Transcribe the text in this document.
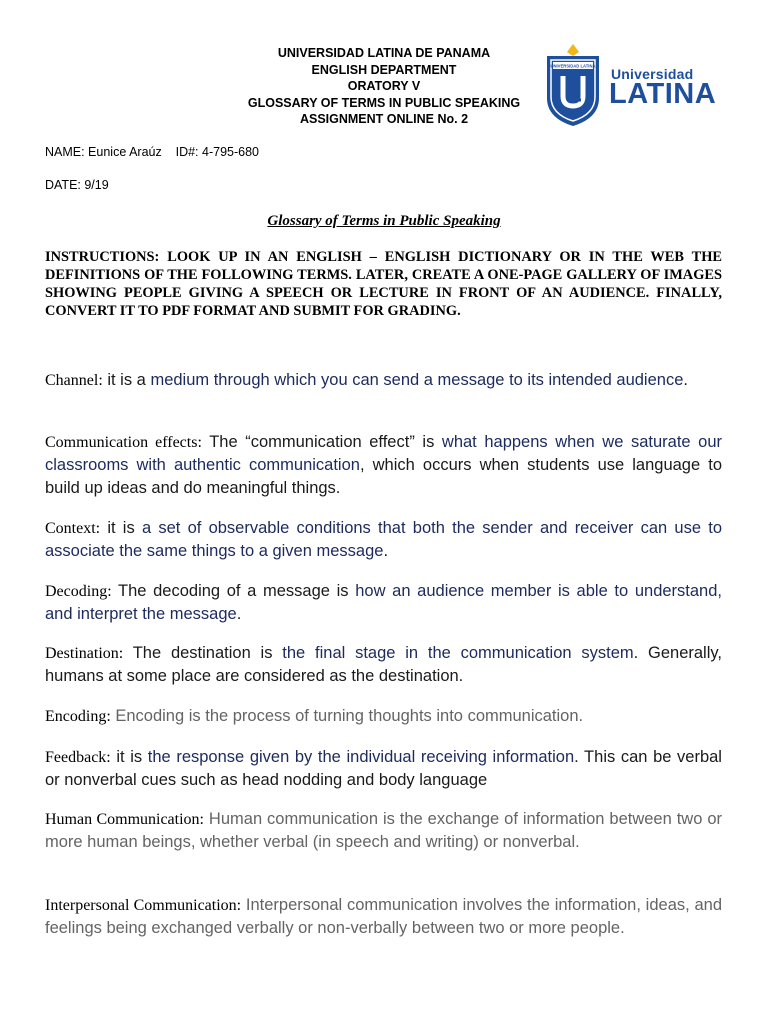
UNIVERSIDAD LATINA DE PANAMA
ENGLISH DEPARTMENT
ORATORY V
GLOSSARY OF TERMS IN PUBLIC SPEAKING
ASSIGNMENT ONLINE No. 2
UNIVERSIDAD LATINA Universidad
LATINA
NAME: Eunice Araúz    ID#: 4-795-680
DATE: 9/19
Glossary of Terms in Public Speaking
INSTRUCTIONS: LOOK UP IN AN ENGLISH – ENGLISH DICTIONARY OR IN THE WEB THE DEFINITIONS OF THE FOLLOWING TERMS. LATER, CREATE A ONE-PAGE GALLERY OF IMAGES SHOWING PEOPLE GIVING A SPEECH OR LECTURE IN FRONT OF AN AUDIENCE. FINALLY, CONVERT IT TO PDF FORMAT AND SUBMIT FOR GRADING.
Channel: it is a medium through which you can send a message to its intended audience.
Communication effects: The “communication effect” is what happens when we saturate our classrooms with authentic communication, which occurs when students use language to build up ideas and do meaningful things.
Context: it is a set of observable conditions that both the sender and receiver can use to associate the same things to a given message.
Decoding: The decoding of a message is how an audience member is able to understand, and interpret the message.
Destination: The destination is the final stage in the communication system. Generally, humans at some place are considered as the destination.
Encoding: Encoding is the process of turning thoughts into communication.
Feedback: it is the response given by the individual receiving information. This can be verbal or nonverbal cues such as head nodding and body language
Human Communication: Human communication is the exchange of information between two or more human beings, whether verbal (in speech and writing) or nonverbal.
Interpersonal Communication: Interpersonal communication involves the information, ideas, and feelings being exchanged verbally or non-verbally between two or more people.
